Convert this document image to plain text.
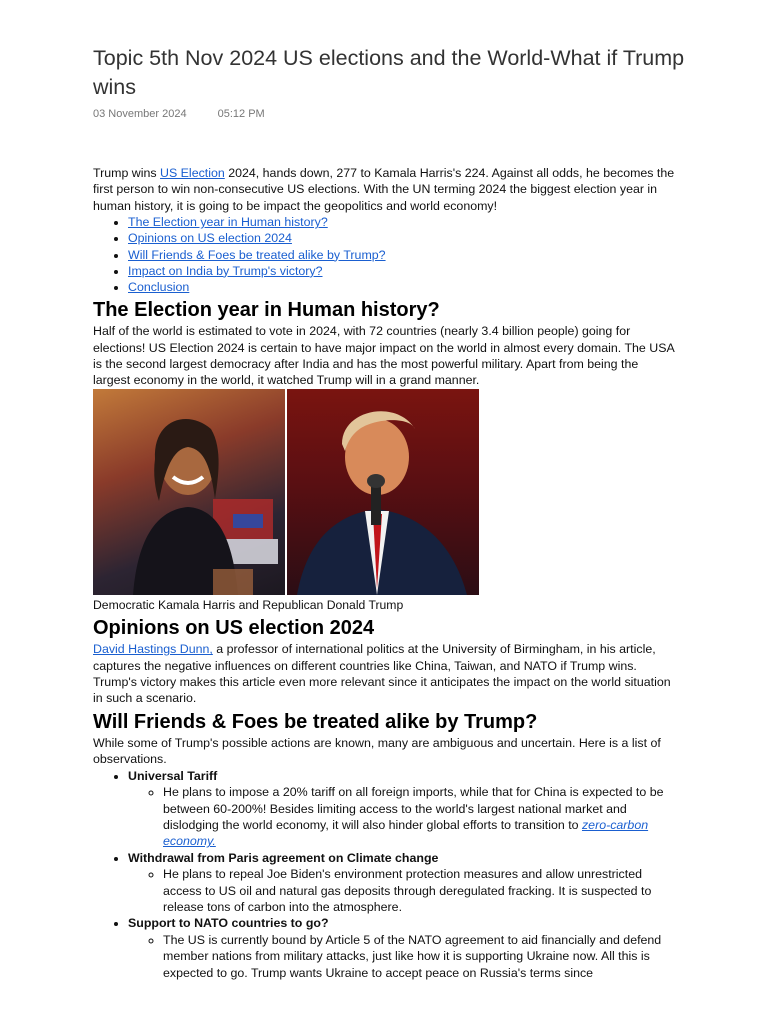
Topic 5th Nov 2024 US elections and the World-What if Trump wins
03 November 2024	05:12 PM

Trump wins US Election 2024, hands down, 277 to Kamala Harris's 224. Against all odds, he becomes the first person to win non-consecutive US elections. With the UN terming 2024 the biggest election year in human history, it is going to be impact the geopolitics and world economy!

• The Election year in Human history?
• Opinions on US election 2024
• Will Friends & Foes be treated alike by Trump?
• Impact on India by Trump's victory?
• Conclusion
The Election year in Human history?

Half of the world is estimated to vote in 2024, with 72 countries (nearly 3.4 billion people) going for elections! US Election 2024 is certain to have major impact on the world in almost every domain. The USA is the second largest democracy after India and has the most powerful military. Apart from being the largest economy in the world, it watched Trump will in a grand manner.

Democratic Kamala Harris and Republican Donald Trump

Opinions on US election 2024

David Hastings Dunn, a professor of international politics at the University of Birmingham, in his article, captures the negative influences on different countries like China, Taiwan, and NATO if Trump wins. Trump's victory makes this article even more relevant since it anticipates the impact on the world situation in such a scenario.

Will Friends & Foes be treated alike by Trump?

While some of Trump's possible actions are known, many are ambiguous and uncertain. Here is a list of observations.

• Universal Tariff
◦ He plans to impose a 20% tariff on all foreign imports, while that for China is expected to be between 60-200%! Besides limiting access to the world's largest national market and dislodging the world economy, it will also hinder global efforts to transition to zero-carbon economy.
• Withdrawal from Paris agreement on Climate change
◦ He plans to repeal Joe Biden's environment protection measures and allow unrestricted access to US oil and natural gas deposits through deregulated fracking. It is suspected to release tons of carbon into the atmosphere.
• Support to NATO countries to go?
◦ The US is currently bound by Article 5 of the NATO agreement to aid financially and defend member nations from military attacks, just like how it is supporting Ukraine now. All this is expected to go. Trump wants Ukraine to accept peace on Russia's terms since
